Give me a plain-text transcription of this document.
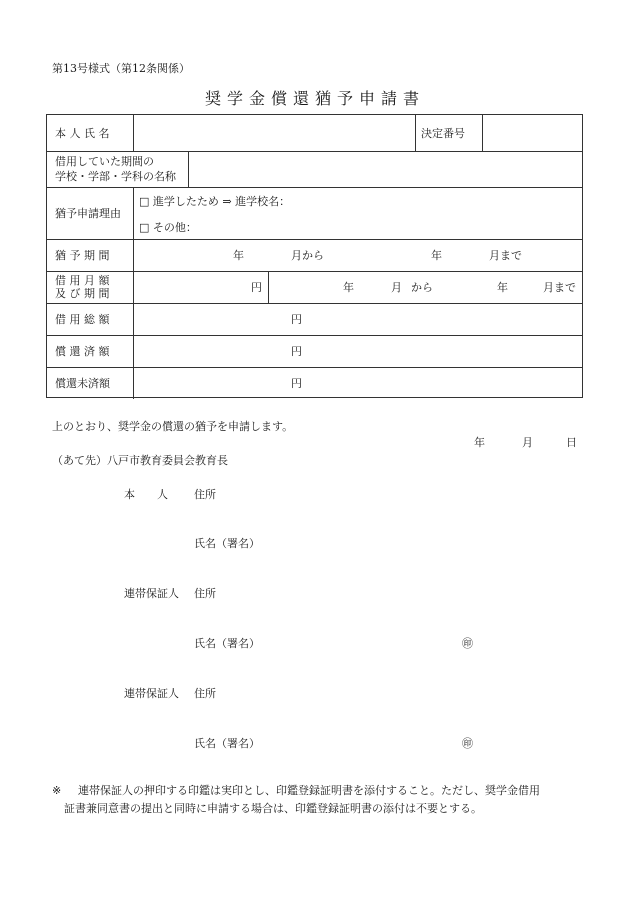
第13号様式（第12条関係）
奨学金償還猶予申請書
本 人 氏 名	決定番号
借用していた期間の
学校・学部・学科の名称
猶予申請理由
□ 進学したため ⇒ 進学校名：
□ その他：
猶 予 期 間	年	月から	年	月まで
借 用 月 額
及 び 期 間	円	年	月 から	年	月まで
借 用 総 額	円
償 還 済 額	円
償還未済額	円
上のとおり、奨学金の償還の猶予を申請します。
年	月	日
（あて先）八戸市教育委員会教育長
本　　人 住所
氏名（署名）
連帯保証人 住所
氏名（署名）	㊞
連帯保証人 住所
氏名（署名）	㊞
※ 連帯保証人の押印する印鑑は実印とし、印鑑登録証明書を添付すること。ただし、奨学金借用
証書兼同意書の提出と同時に申請する場合は、印鑑登録証明書の添付は不要とする。
